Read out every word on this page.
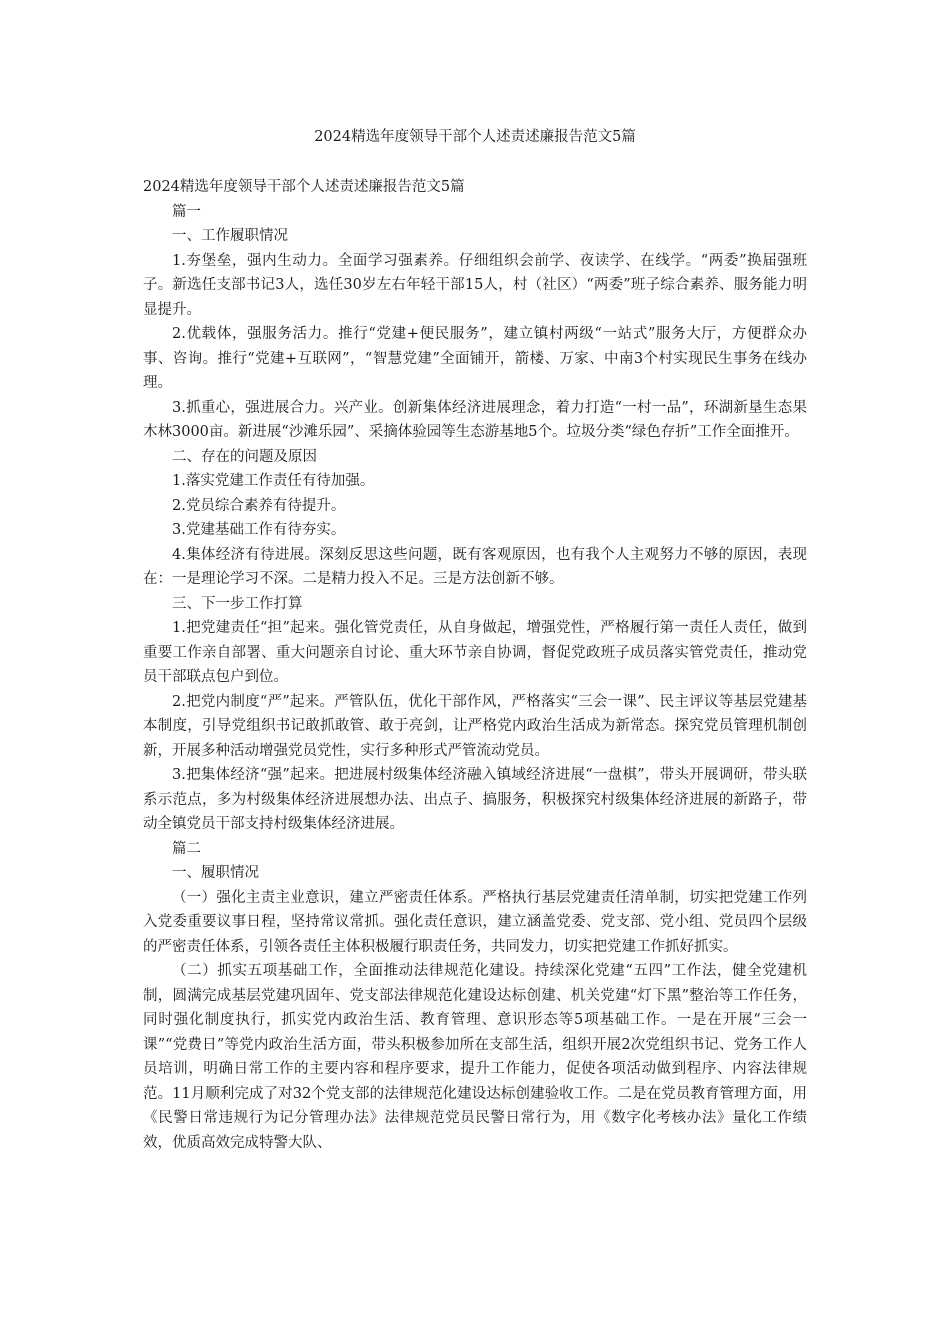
2024精选年度领导干部个人述责述廉报告范文5篇

2024精选年度领导干部个人述责述廉报告范文5篇

篇一

一、工作履职情况

1.夯堡垒，强内生动力。全面学习强素养。仔细组织会前学、夜读学、在线学。“两委”换届强班子。新选任支部书记3人，选任30岁左右年轻干部15人，村（社区）“两委”班子综合素养、服务能力明显提升。

2.优载体，强服务活力。推行“党建+便民服务”，建立镇村两级“一站式”服务大厅，方便群众办事、咨询。推行“党建+互联网”，“智慧党建”全面铺开，箭楼、万家、中南3个村实现民生事务在线办理。

3.抓重心，强进展合力。兴产业。创新集体经济进展理念，着力打造“一村一品”，环湖新垦生态果木林3000亩。新进展“沙滩乐园”、采摘体验园等生态游基地5个。垃圾分类“绿色存折”工作全面推开。

二、存在的问题及原因

1.落实党建工作责任有待加强。

2.党员综合素养有待提升。

3.党建基础工作有待夯实。

4.集体经济有待进展。深刻反思这些问题，既有客观原因，也有我个人主观努力不够的原因，表现在：一是理论学习不深。二是精力投入不足。三是方法创新不够。

三、下一步工作打算

1.把党建责任“担”起来。强化管党责任，从自身做起，增强党性，严格履行第一责任人责任，做到重要工作亲自部署、重大问题亲自讨论、重大环节亲自协调，督促党政班子成员落实管党责任，推动党员干部联点包户到位。

2.把党内制度“严”起来。严管队伍，优化干部作风，严格落实“三会一课”、民主评议等基层党建基本制度，引导党组织书记敢抓敢管、敢于亮剑，让严格党内政治生活成为新常态。探究党员管理机制创新，开展多种活动增强党员党性，实行多种形式严管流动党员。

3.把集体经济“强”起来。把进展村级集体经济融入镇域经济进展“一盘棋”，带头开展调研，带头联系示范点，多为村级集体经济进展想办法、出点子、搞服务，积极探究村级集体经济进展的新路子，带动全镇党员干部支持村级集体经济进展。

篇二

一、履职情况

（一）强化主责主业意识，建立严密责任体系。严格执行基层党建责任清单制，切实把党建工作列入党委重要议事日程，坚持常议常抓。强化责任意识，建立涵盖党委、党支部、党小组、党员四个层级的严密责任体系，引领各责任主体积极履行职责任务，共同发力，切实把党建工作抓好抓实。

（二）抓实五项基础工作，全面推动法律规范化建设。持续深化党建“五四”工作法，健全党建机制，圆满完成基层党建巩固年、党支部法律规范化建设达标创建、机关党建“灯下黑”整治等工作任务，同时强化制度执行，抓实党内政治生活、教育管理、意识形态等5项基础工作。一是在开展“三会一课”“党费日”等党内政治生活方面，带头积极参加所在支部生活，组织开展2次党组织书记、党务工作人员培训，明确日常工作的主要内容和程序要求，提升工作能力，促使各项活动做到程序、内容法律规范。11月顺利完成了对32个党支部的法律规范化建设达标创建验收工作。二是在党员教育管理方面，用《民警日常违规行为记分管理办法》法律规范党员民警日常行为，用《数字化考核办法》量化工作绩效，优质高效完成特警大队、
